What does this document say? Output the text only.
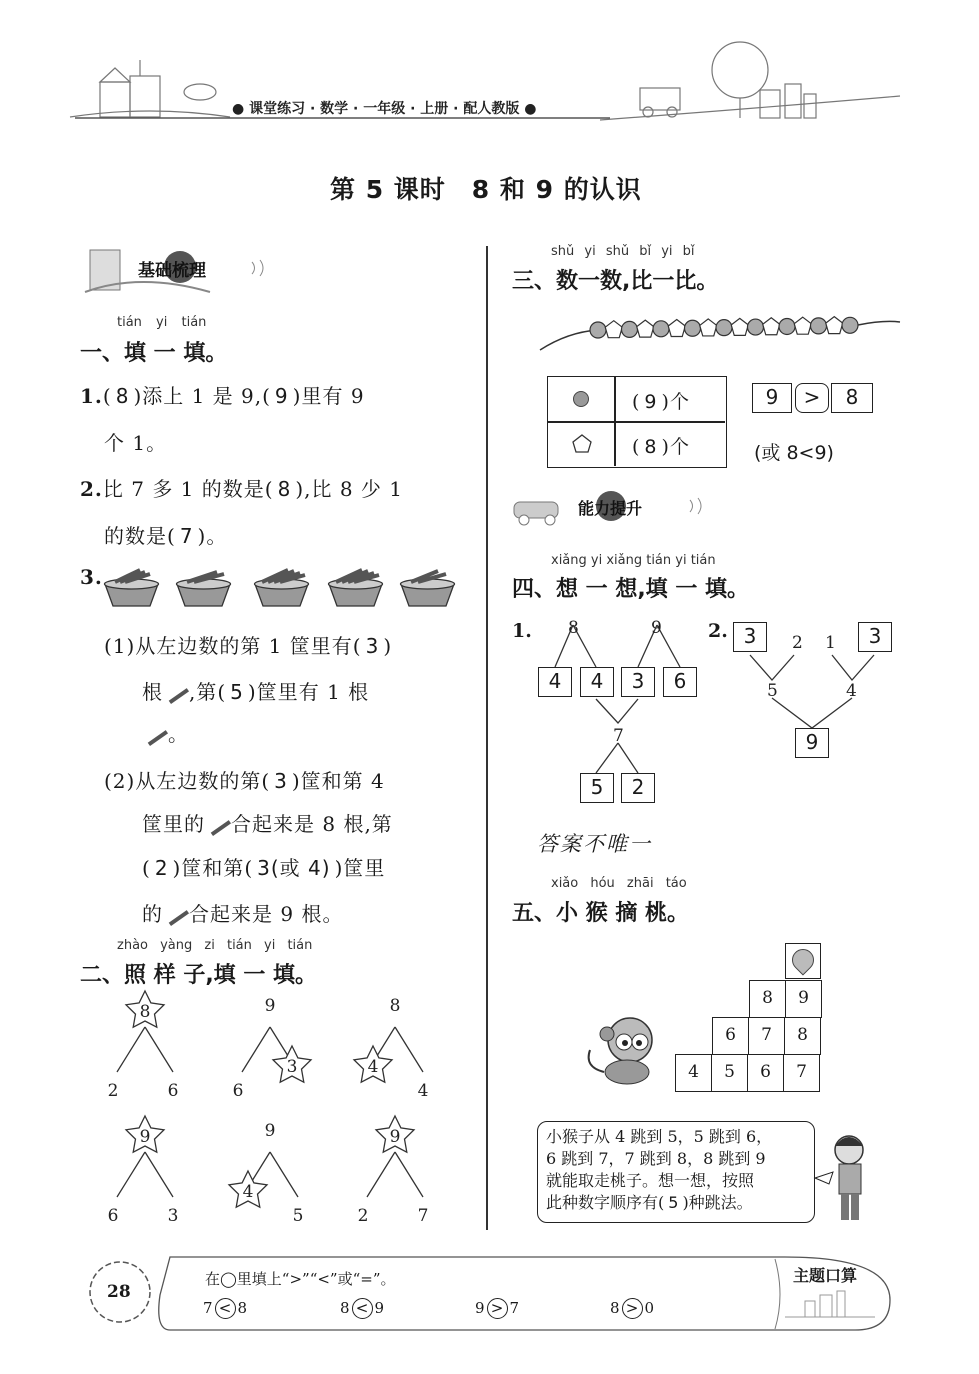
● 课堂练习 · 数学 · 一年级 · 上册 · 配人教版 ●
第 5 课时　8 和 9 的认识
基础梳理
tián yi tián
一、填 一 填。
1.( 8 )添上 1 是 9,( 9 )里有 9
个 1。
2.比 7 多 1 的数是( 8 ),比 8 少 1
的数是( 7 )。
3.
(1)从左边数的第 1 筐里有( 3 )
根 ,第( 5 )筐里有 1 根
。
(2)从左边数的第( 3 )筐和第 4
筐里的 合起来是 8 根,第
( 2 )筐和第( 3(或 4) )筐里
的 合起来是 9 根。
zhào yàng zi tián yi tián
二、照 样 子,填 一 填。
8
2	6
9
6
3
8
4
4
9
6	3
9
4
5
9
2	7
shǔ yi shǔ bǐ yi bǐ
三、数一数,比一比。
( 9 )个
( 8 )个
9	>	8
(或 8<9)
能力提升
xiǎng yi xiǎng tián yi tián
四、想 一 想,填 一 填。
1. 8	9
7
4	4	3	6
5	2
2.
2 1
5	4
3	3
9
答案不唯一
xiǎo hóu zhāi táo
五、小 猴 摘 桃。
8	9
6	7	8
4	5	6	7
小猴子从 4 跳到 5，5 跳到 6，
6 跳到 7，7 跳到 8，8 跳到 9
就能取走桃子。想一想，按照
此种数字顺序有( 5 )种跳法。
28
在◯里填上“>”“<”或“=”。	主题口算
7 < 8	8 < 9	9 > 7	8 > 0
